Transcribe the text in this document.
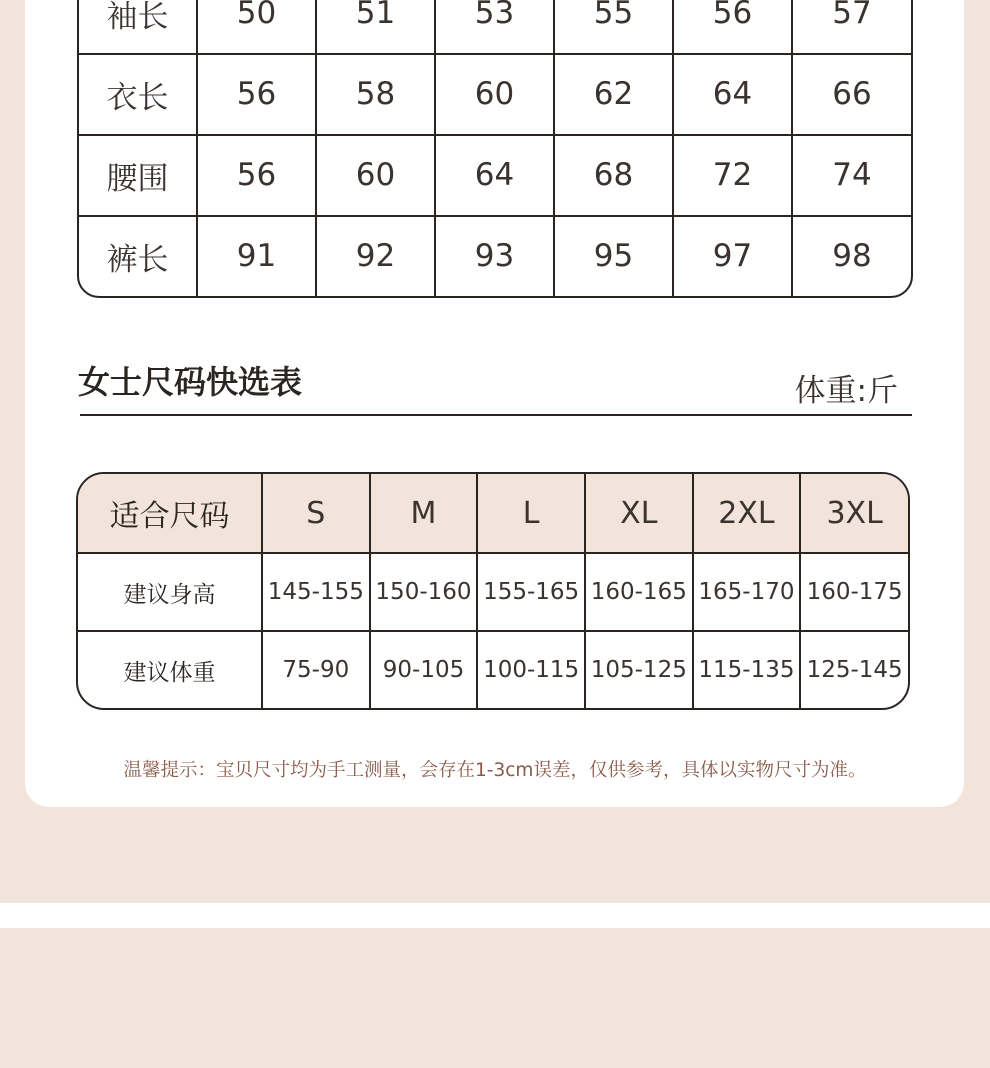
袖长	50	51	53	55	56	57
衣长	56	58	60	62	64	66
腰围	56	60	64	68	72	74
裤长	91	92	93	95	97	98
女士尺码快选表	体重:斤
适合尺码	S	M	L	XL	2XL	3XL
建议身高	145-155	150-160	155-165	160-165	165-170	160-175
建议体重	75-90	90-105	100-115	105-125	115-135	125-145
温馨提示：宝贝尺寸均为手工测量，会存在1-3cm误差，仅供参考，具体以实物尺寸为准。
